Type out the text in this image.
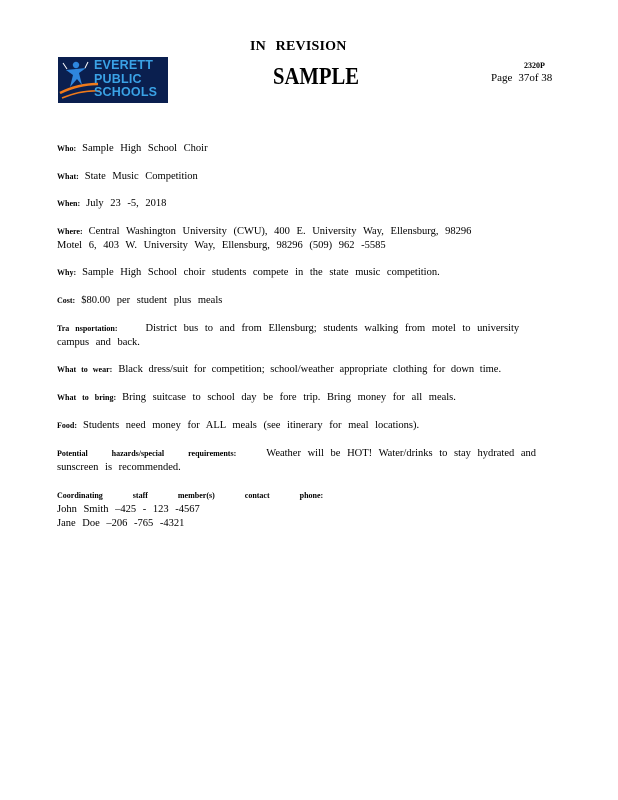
IN REVISION
SAMPLE	2320P
Page 37of 38
EVERETT
PUBLIC
SCHOOLS
Who: Sample High School Choir
What: State Music Competition
When: July 23 -5, 2018
Where: Central Washington University (CWU), 400 E. University Way, Ellensburg, 98296
Motel 6, 403 W. University Way, Ellensburg, 98296 (509) 962 -5585
Why: Sample High School choir students compete in the state music competition.
Cost: $80.00 per student plus meals
Tra nsportation:	District bus to and from Ellensburg; students walking from motel to university
campus and back.
What to wear: Black dress/suit for competition; school/weather appropriate clothing for down time.
What to bring: Bring suitcase to school day be fore trip. Bring money for all meals.
Food: Students need money for ALL meals (see itinerary for meal locations).
Potential hazards/special requirements:	Weather will be HOT! Water/drinks to stay hydrated and
sunscreen is recommended.
Coordinating staff member(s) contact phone:
John Smith –425 - 123 -4567
Jane Doe –206 -765 -4321
